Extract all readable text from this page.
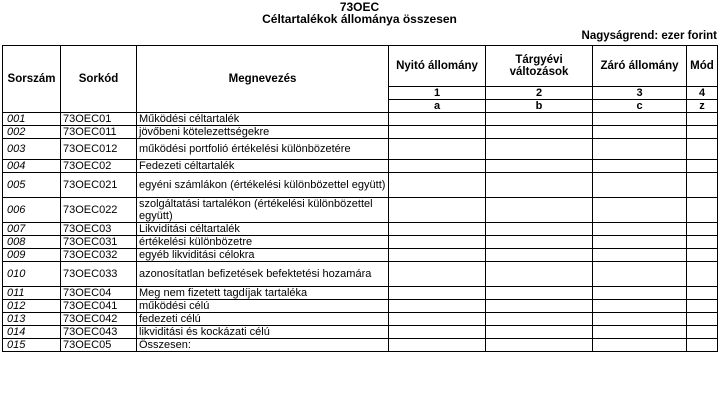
73OEC
Céltartalékok állománya összesen
Nagyságrend: ezer forint
Sorszám	Sorkód	Megnevezés	Nyitó állomány	Tárgyévi változások	Záró állomány	Mód
			1	2	3	4
			a	b	c	z
001	73OEC01	Működési céltartalék				
002	73OEC011	jövőbeni kötelezettségekre				
003	73OEC012	működési portfolió értékelési különbözetére				
004	73OEC02	Fedezeti céltartalék				
005	73OEC021	egyéni számlákon (értékelési különbözettel együtt)				
006	73OEC022	szolgáltatási tartalékon (értékelési különbözettel együtt)				
007	73OEC03	Likviditási céltartalék				
008	73OEC031	értékelési különbözetre				
009	73OEC032	egyéb likviditási célokra				
010	73OEC033	azonosítatlan befizetések befektetési hozamára				
011	73OEC04	Meg nem fizetett tagdíjak tartaléka				
012	73OEC041	működési célú				
013	73OEC042	fedezeti célú				
014	73OEC043	likviditási és kockázati célú				
015	73OEC05	Összesen:				
